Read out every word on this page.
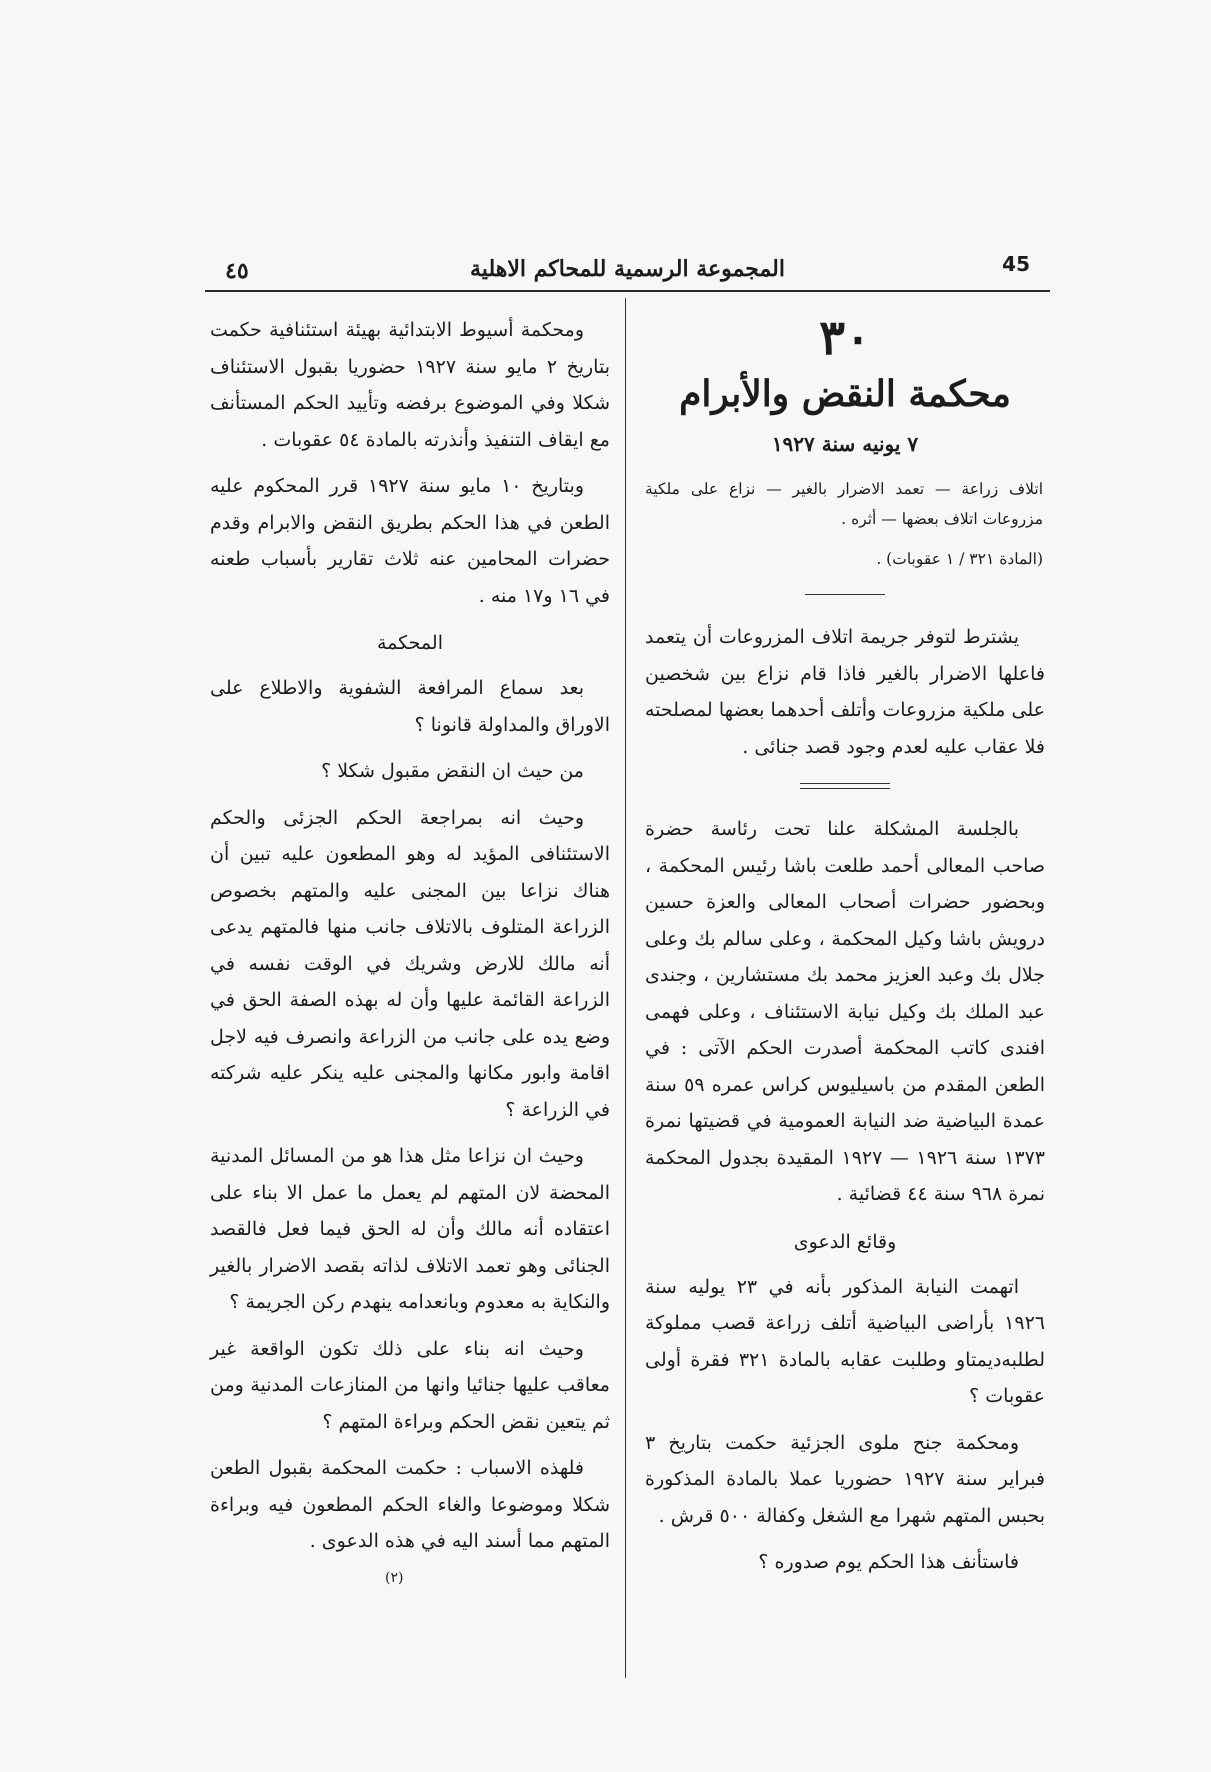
٤٥	المجموعة الرسمية للمحاكم الاهلية	45
٣٠
محكمة النقض والأبرام
٧ يونيه سنة ١٩٢٧

اتلاف زراعة — تعمد الاضرار بالغير — نزاع على ملكية مزروعات اتلاف بعضها — أثره .

(المادة ٣٢١ / ١ عقوبات) .

يشترط لتوفر جريمة اتلاف المزروعات أن يتعمد فاعلها الاضرار بالغير فاذا قام نزاع بين شخصين على ملكية مزروعات وأتلف أحدهما بعضها لمصلحته فلا عقاب عليه لعدم وجود قصد جنائى .

بالجلسة المشكلة علنا تحت رئاسة حضرة صاحب المعالى أحمد طلعت باشا رئيس المحكمة ، وبحضور حضرات أصحاب المعالى والعزة حسين درويش باشا وكيل المحكمة ، وعلى سالم بك وعلى جلال بك وعبد العزيز محمد بك مستشارين ، وجندى عبد الملك بك وكيل نيابة الاستئناف ، وعلى فهمى افندى كاتب المحكمة أصدرت الحكم الآتى : في الطعن المقدم من باسيليوس كراس عمره ٥٩ سنة عمدة البياضية ضد النيابة العمومية في قضيتها نمرة ١٣٧٣ سنة ١٩٢٦ — ١٩٢٧ المقيدة بجدول المحكمة نمرة ٩٦٨ سنة ٤٤ قضائية .

وقائع الدعوى

اتهمت النيابة المذكور بأنه في ٢٣ يوليه سنة ١٩٢٦ بأراضى البياضية أتلف زراعة قصب مملوكة لطلبه‌ديمتاو وطلبت عقابه بالمادة ٣٢١ فقرة أولى عقوبات ؟

ومحكمة جنح ملوى الجزئية حكمت بتاريخ ٣ فبراير سنة ١٩٢٧ حضوريا عملا بالمادة المذكورة بحبس المتهم شهرا مع الشغل وكفالة ٥٠٠ قرش .

فاستأنف هذا الحكم يوم صدوره ؟

ومحكمة أسيوط الابتدائية بهيئة استئنافية حكمت بتاريخ ٢ مايو سنة ١٩٢٧ حضوريا بقبول الاستئناف شكلا وفي الموضوع برفضه وتأييد الحكم المستأنف مع ايقاف التنفيذ وأنذرته بالمادة ٥٤ عقوبات .

وبتاريخ ١٠ مايو سنة ١٩٢٧ قرر المحكوم عليه الطعن في هذا الحكم بطريق النقض والابرام وقدم حضرات المحامين عنه ثلاث تقارير بأسباب طعنه في ١٦ و١٧ منه .

المحكمة

بعد سماع المرافعة الشفوية والاطلاع على الاوراق والمداولة قانونا ؟

من حيث ان النقض مقبول شكلا ؟

وحيث انه بمراجعة الحكم الجزئى والحكم الاستئنافى المؤيد له وهو المطعون عليه تبين أن هناك نزاعا بين المجنى عليه والمتهم بخصوص الزراعة المتلوف بالاتلاف جانب منها فالمتهم يدعى أنه مالك للارض وشريك في الوقت نفسه في الزراعة القائمة عليها وأن له بهذه الصفة الحق في وضع يده على جانب من الزراعة وانصرف فيه لاجل اقامة وابور مكانها والمجنى عليه ينكر عليه شركته في الزراعة ؟

وحيث ان نزاعا مثل هذا هو من المسائل المدنية المحضة لان المتهم لم يعمل ما عمل الا بناء على اعتقاده أنه مالك وأن له الحق فيما فعل فالقصد الجنائى وهو تعمد الاتلاف لذاته بقصد الاضرار بالغير والنكاية به معدوم وبانعدامه ينهدم ركن الجريمة ؟

وحيث انه بناء على ذلك تكون الواقعة غير معاقب عليها جنائيا وانها من المنازعات المدنية ومن ثم يتعين نقض الحكم وبراءة المتهم ؟

فلهذه الاسباب : حكمت المحكمة بقبول الطعن شكلا وموضوعا والغاء الحكم المطعون فيه وبراءة المتهم مما أسند اليه في هذه الدعوى .

(٢)
